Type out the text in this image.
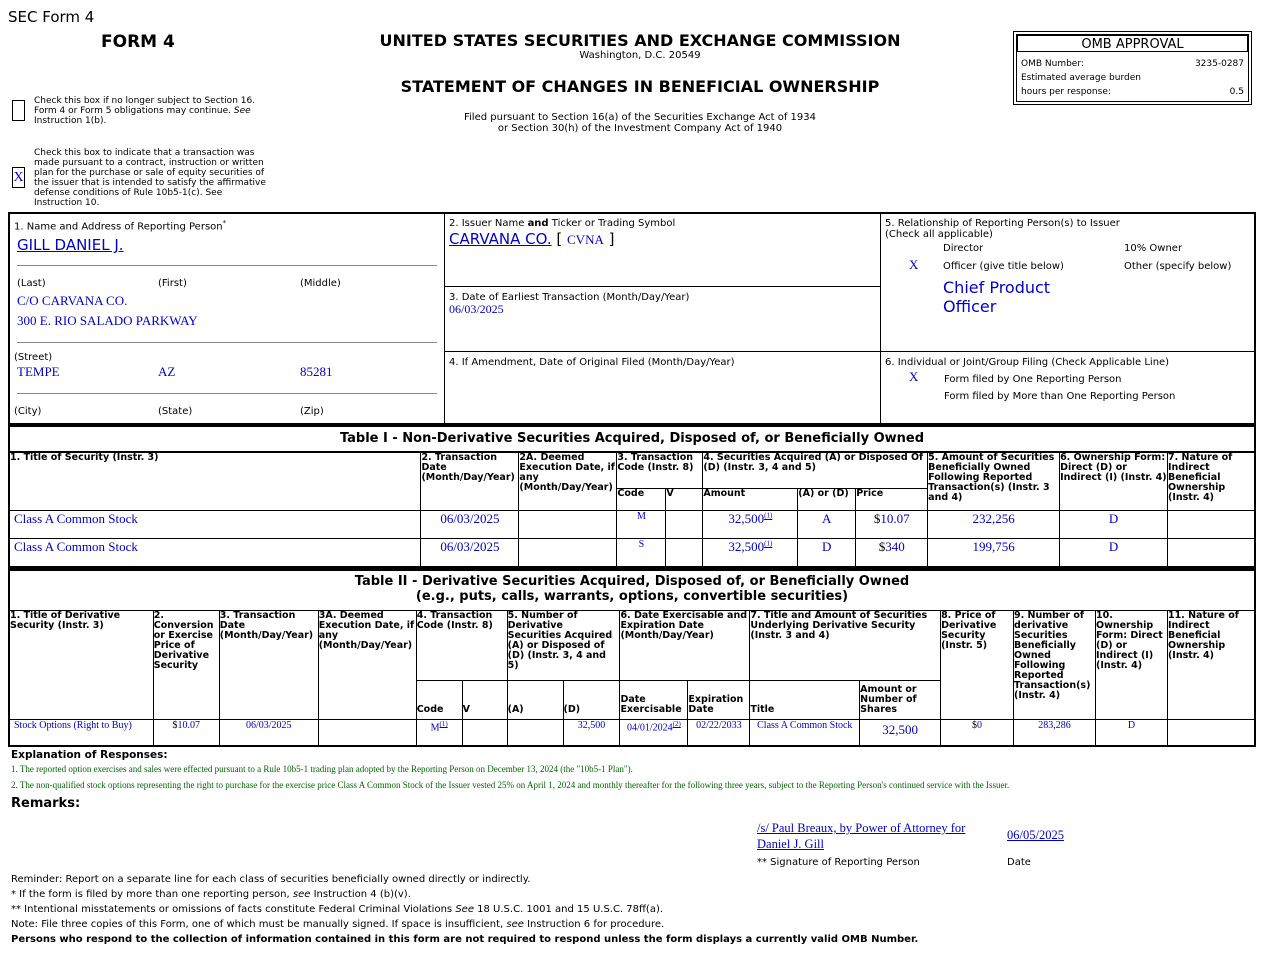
SEC Form 4
FORM 4	UNITED STATES SECURITIES AND EXCHANGE COMMISSION
Washington, D.C. 20549
STATEMENT OF CHANGES IN BENEFICIAL OWNERSHIP
Filed pursuant to Section 16(a) of the Securities Exchange Act of 1934
or Section 30(h) of the Investment Company Act of 1940
OMB APPROVAL
OMB Number:	3235-0287
Estimated average burden
hours per response:	0.5
Check this box if no longer subject to Section 16. Form 4 or Form 5 obligations may continue. See Instruction 1(b).
X
Check this box to indicate that a transaction was made pursuant to a contract, instruction or written plan for the purchase or sale of equity securities of the issuer that is intended to satisfy the affirmative defense conditions of Rule 10b5-1(c). See Instruction 10.
1. Name and Address of Reporting Person*
GILL DANIEL J.
(Last)	(First)	(Middle)
C/O CARVANA CO.
300 E. RIO SALADO PARKWAY
(Street)
TEMPE	AZ	85281
(City)	(State)	(Zip)
2. Issuer Name and Ticker or Trading Symbol
CARVANA CO. [ CVNA ]
3. Date of Earliest Transaction (Month/Day/Year)
06/03/2025
4. If Amendment, Date of Original Filed (Month/Day/Year)
5. Relationship of Reporting Person(s) to Issuer
(Check all applicable)
Director	10% Owner
X Officer (give title below)	Other (specify below)
Chief Product
Officer
6. Individual or Joint/Group Filing (Check Applicable Line)
X	Form filed by One Reporting Person
Form filed by More than One Reporting Person
Table I - Non-Derivative Securities Acquired, Disposed of, or Beneficially Owned
1. Title of Security (Instr. 3)	2. Transaction Date (Month/Day/Year)	2A. Deemed Execution Date, if any (Month/Day/Year)	3. Transaction Code (Instr. 8)		4. Securities Acquired (A) or Disposed Of (D) (Instr. 3, 4 and 5)			5. Amount of Securities Beneficially Owned Following Reported Transaction(s) (Instr. 3 and 4)	6. Ownership Form: Direct (D) or Indirect (I) (Instr. 4)	7. Nature of Indirect Beneficial Ownership (Instr. 4)
			Code	V	Amount	(A) or (D)	Price			
Class A Common Stock	06/03/2025		M		32,500$^{(1)}$	A	$10.07	232,256	D	
Class A Common Stock	06/03/2025		S		32,500$^{(1)}$	D	$340	199,756	D	
Table II - Derivative Securities Acquired, Disposed of, or Beneficially Owned
(e.g., puts, calls, warrants, options, convertible securities)
1. Title of Derivative Security (Instr. 3)	2. Conversion or Exercise Price of Derivative Security	3. Transaction Date (Month/Day/Year)	3A. Deemed Execution Date, if any (Month/Day/Year)	4. Transaction Code (Instr. 8)		5. Number of Derivative Securities Acquired (A) or Disposed of (D) (Instr. 3, 4 and 5)		6. Date Exercisable and Expiration Date (Month/Day/Year)		7. Title and Amount of Securities Underlying Derivative Security (Instr. 3 and 4)		8. Price of Derivative Security (Instr. 5)	9. Number of derivative Securities Beneficially Owned Following Reported Transaction(s) (Instr. 4)	10. Ownership Form: Direct (D) or Indirect (I) (Instr. 4)	11. Nature of Indirect Beneficial Ownership (Instr. 4)
				Code	V	(A)	(D)	Date Exercisable	Expiration Date	Title	Amount or Number of Shares				
Stock Options (Right to Buy)	$10.07	06/03/2025		$M^{(1)}$			32,500	04/01/2024$^{(2)}$	02/22/2033	Class A Common Stock	32,500	$0	283,286	D	
Explanation of Responses:
1. The reported option exercises and sales were effected pursuant to a Rule 10b5-1 trading plan adopted by the Reporting Person on December 13, 2024 (the "10b5-1 Plan").
2. The non-qualified stock options representing the right to purchase for the exercise price Class A Common Stock of the Issuer vested 25% on April 1, 2024 and monthly thereafter for the following three years, subject to the Reporting Person's continued service with the Issuer.
Remarks:
/s/ Paul Breaux, by Power of Attorney for
Daniel J. Gill
06/05/2025
** Signature of Reporting Person	Date
Reminder: Report on a separate line for each class of securities beneficially owned directly or indirectly.
* If the form is filed by more than one reporting person, see Instruction 4 (b)(v).
** Intentional misstatements or omissions of facts constitute Federal Criminal Violations See 18 U.S.C. 1001 and 15 U.S.C. 78ff(a).
Note: File three copies of this Form, one of which must be manually signed. If space is insufficient, see Instruction 6 for procedure.
Persons who respond to the collection of information contained in this form are not required to respond unless the form displays a currently valid OMB Number.
